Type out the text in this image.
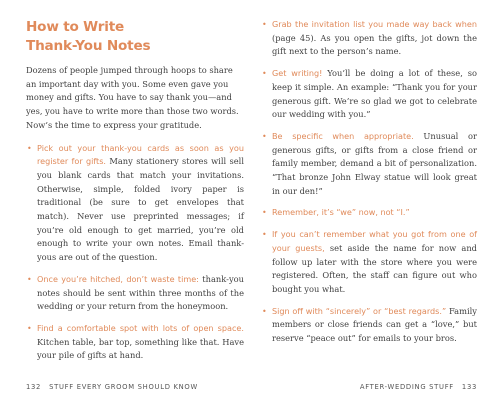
How to Write
Thank-You Notes

Dozens of people jumped through hoops to share an important day with you. Some even gave you money and gifts. You have to say thank you—and yes, you have to write more than those two words. Now’s the time to express your gratitude.

• Pick out your thank-you cards as soon as you register for gifts. Many stationery stores will sell you blank cards that match your invitations. Otherwise, simple, folded ivory paper is traditional (be sure to get envelopes that match). Never use preprinted messages; if you’re old enough to get married, you’re old enough to write your own notes. Email thank-yous are out of the question.

• Once you’re hitched, don’t waste time: thank-you notes should be sent within three months of the wedding or your return from the honeymoon.

• Find a comfortable spot with lots of open space. Kitchen table, bar top, something like that. Have your pile of gifts at hand.

• Grab the invitation list you made way back when (page 45). As you open the gifts, jot down the gift next to the person’s name.

• Get writing! You’ll be doing a lot of these, so keep it simple. An example: “Thank you for your generous gift. We’re so glad we got to celebrate our wedding with you.”

• Be specific when appropriate. Unusual or generous gifts, or gifts from a close friend or family member, demand a bit of personalization. “That bronze John Elway statue will look great in our den!”

• Remember, it’s “we” now, not “I.”

• If you can’t remember what you got from one of your guests, set aside the name for now and follow up later with the store where you were registered. Often, the staff can figure out who bought you what.

• Sign off with “sincerely” or “best regards.” Family members or close friends can get a “love,” but reserve “peace out” for emails to your bros.

132 STUFF EVERY GROOM SHOULD KNOW	AFTER-WEDDING STUFF 133
